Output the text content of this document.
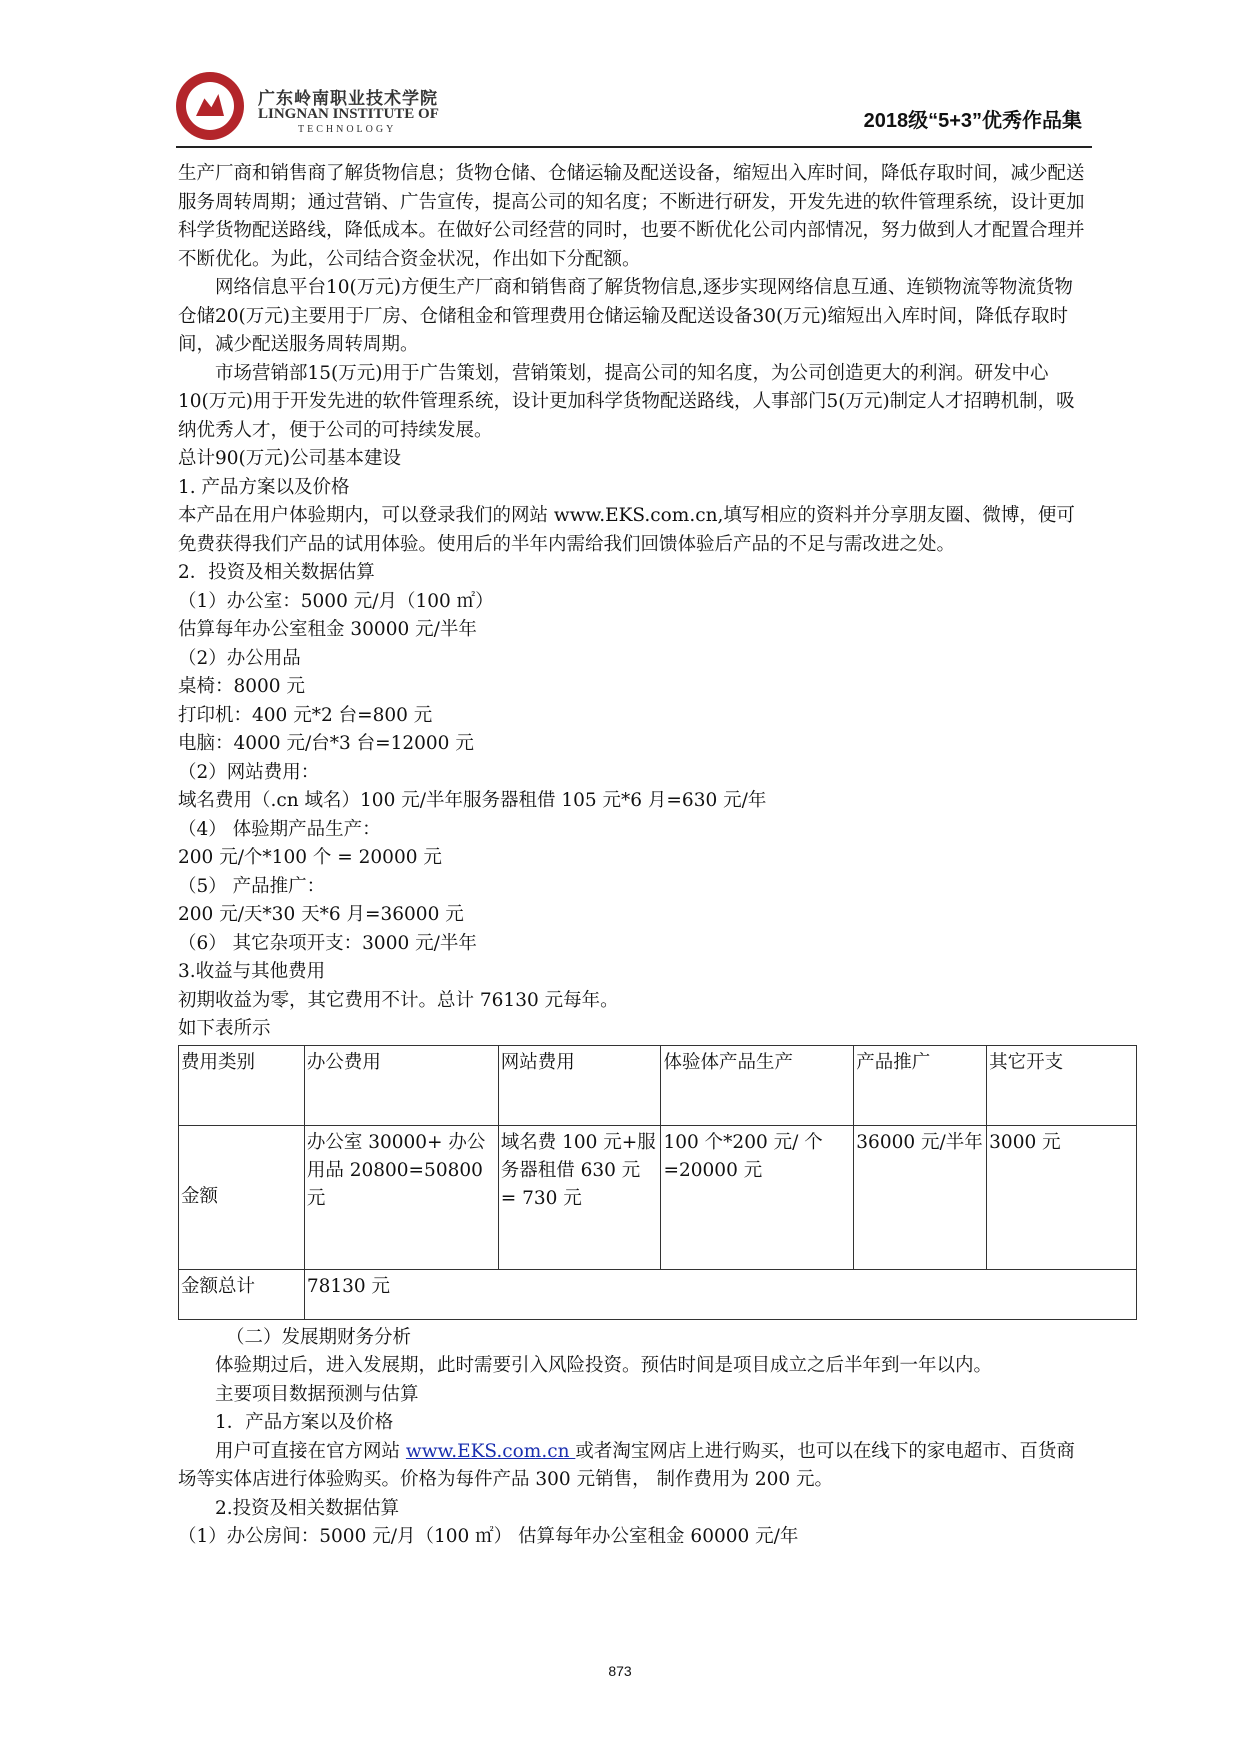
广东岭南职业技术学院
LINGNAN INSTITUTE OF
TECHNOLOGY	2018级“5+3”优秀作品集

生产厂商和销售商了解货物信息；货物仓储、仓储运输及配送设备，缩短出入库时间，降低存取时间，减少配送服务周转周期；通过营销、广告宣传，提高公司的知名度；不断进行研发，开发先进的软件管理系统，设计更加科学货物配送路线，降低成本。在做好公司经营的同时，也要不断优化公司内部情况，努力做到人才配置合理并不断优化。为此，公司结合资金状况，作出如下分配额。

网络信息平台10(万元)方便生产厂商和销售商了解货物信息,逐步实现网络信息互通、连锁物流等物流货物仓储20(万元)主要用于厂房、仓储租金和管理费用仓储运输及配送设备30(万元)缩短出入库时间，降低存取时间，减少配送服务周转周期。

市场营销部15(万元)用于广告策划，营销策划，提高公司的知名度，为公司创造更大的利润。研发中心10(万元)用于开发先进的软件管理系统，设计更加科学货物配送路线，人事部门5(万元)制定人才招聘机制，吸纳优秀人才，便于公司的可持续发展。

总计90(万元)公司基本建设

1. 产品方案以及价格

本产品在用户体验期内，可以登录我们的网站 www.EKS.com.cn,填写相应的资料并分享朋友圈、微博，便可免费获得我们产品的试用体验。使用后的半年内需给我们回馈体验后产品的不足与需改进之处。

2．投资及相关数据估算

（1）办公室：5000 元/月（100 ㎡）

估算每年办公室租金 30000 元/半年

（2）办公用品

桌椅：8000 元

打印机：400 元*2 台=800 元

电脑：4000 元/台*3 台=12000 元

（2）网站费用：

域名费用（.cn 域名）100 元/半年服务器租借 105 元*6 月=630 元/年

（4） 体验期产品生产：

200 元/个*100 个 = 20000 元

（5） 产品推广：

200 元/天*30 天*6 月=36000 元

（6） 其它杂项开支：3000 元/半年

3.收益与其他费用

初期收益为零，其它费用不计。总计 76130 元每年。

如下表所示

费用类别	办公费用	网站费用	体验体产品生产	产品推广	其它开支
金额	办公室 30000+ 办公用品 20800=50800 元	域名费 100 元+服务器租借 630 元 = 730 元	100 个*200 元/ 个=20000 元	36000 元/半年	3000 元
金额总计	78130 元				

（二）发展期财务分析

体验期过后，进入发展期，此时需要引入风险投资。预估时间是项目成立之后半年到一年以内。

主要项目数据预测与估算

1．产品方案以及价格

用户可直接在官方网站 www.EKS.com.cn 或者淘宝网店上进行购买，也可以在线下的家电超市、百货商场等实体店进行体验购买。价格为每件产品 300 元销售， 制作费用为 200 元。

2.投资及相关数据估算

（1）办公房间：5000 元/月（100 ㎡） 估算每年办公室租金 60000 元/年

873
